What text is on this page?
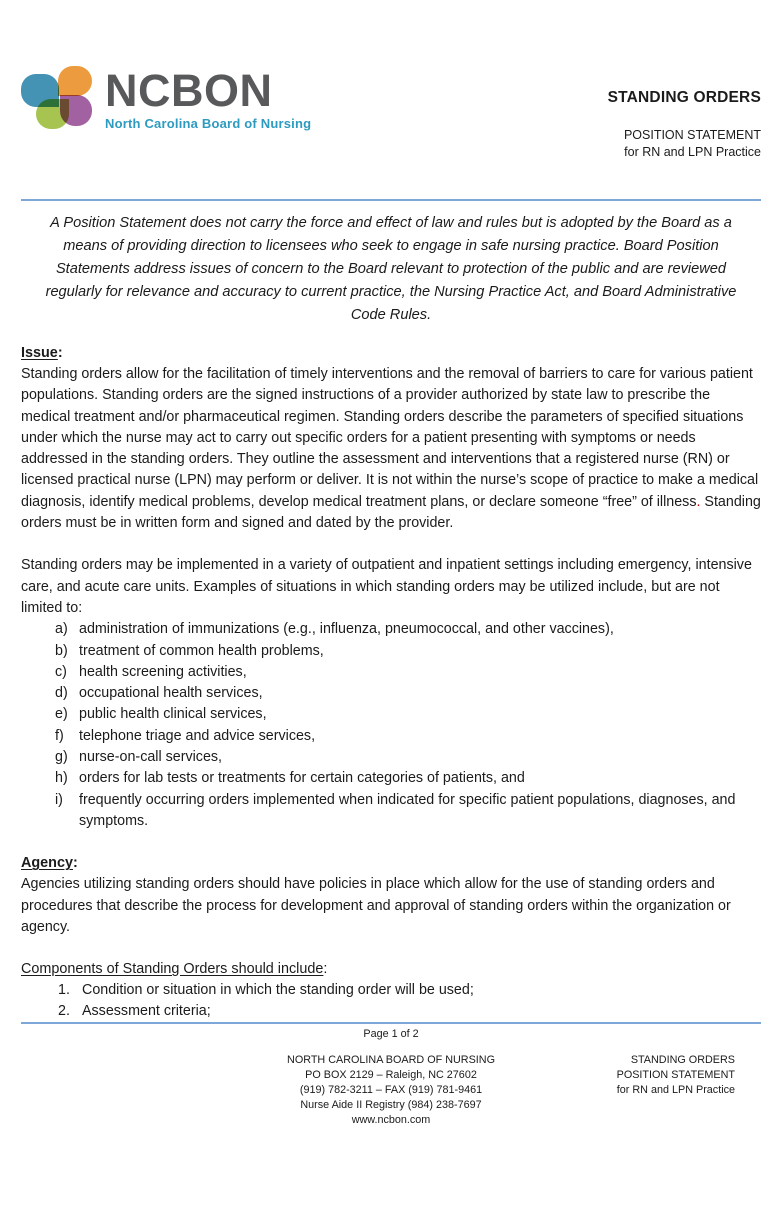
NCBON
North Carolina Board of Nursing
STANDING ORDERS
POSITION STATEMENT
for RN and LPN Practice
A Position Statement does not carry the force and effect of law and rules but is adopted by the Board as a means of providing direction to licensees who seek to engage in safe nursing practice. Board Position Statements address issues of concern to the Board relevant to protection of the public and are reviewed regularly for relevance and accuracy to current practice, the Nursing Practice Act, and Board Administrative Code Rules.
Issue:
Standing orders allow for the facilitation of timely interventions and the removal of barriers to care for various patient populations. Standing orders are the signed instructions of a provider authorized by state law to prescribe the medical treatment and/or pharmaceutical regimen. Standing orders describe the parameters of specified situations under which the nurse may act to carry out specific orders for a patient presenting with symptoms or needs addressed in the standing orders. They outline the assessment and interventions that a registered nurse (RN) or licensed practical nurse (LPN) may perform or deliver. It is not within the nurse’s scope of practice to make a medical diagnosis, identify medical problems, develop medical treatment plans, or declare someone “free” of illness. Standing orders must be in written form and signed and dated by the provider.
Standing orders may be implemented in a variety of outpatient and inpatient settings including emergency, intensive care, and acute care units. Examples of situations in which standing orders may be utilized include, but are not limited to:
a) administration of immunizations (e.g., influenza, pneumococcal, and other vaccines),
b) treatment of common health problems,
c) health screening activities,
d) occupational health services,
e) public health clinical services,
f)	telephone triage and advice services,
g) nurse-on-call services,
h) orders for lab tests or treatments for certain categories of patients, and
i)	frequently occurring orders implemented when indicated for specific patient populations, diagnoses, and symptoms.
Agency:
Agencies utilizing standing orders should have policies in place which allow for the use of standing orders and procedures that describe the process for development and approval of standing orders within the organization or agency.
Components of Standing Orders should include:
1. Condition or situation in which the standing order will be used;
2. Assessment criteria;
Page 1 of 2
NORTH CAROLINA BOARD OF NURSING
PO BOX 2129 – Raleigh, NC 27602
(919) 782-3211 – FAX (919) 781-9461
Nurse Aide II Registry (984) 238-7697
www.ncbon.com
STANDING ORDERS
POSITION STATEMENT
for RN and LPN Practice
